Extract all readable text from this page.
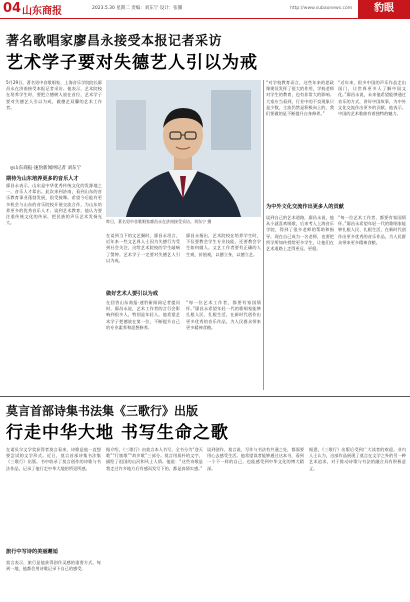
04 山东商报	2023.5.30 星期二 责编：刘东宁 设计：张馨	http://www.subaonews.com	豹眼
著名歌唱家廖昌永接受本报记者采访
艺术学子要对失德艺人引以为戒
5月29日，著名男中音歌唱家、上海音乐学院院长廖昌永在济南接受本报记者采访。他表示，艺术院校在培养学生时，要把立德树人放在首位，艺术学子要对失德艺人引以为戒，做德艺双馨的艺术工作者。
◎山东商报·速豹新闻网记者 刘东宁
期待为山东培养更多的音乐人才
廖昌永表示，山东是中华优秀传统文化的发源地之一，音乐人才辈出。此次来到济南，看到山东的音乐教育事业蓬勃发展，很受鼓舞。希望今后能有更多机会与山东的音乐院校开展交流合作，为山东培养更多的优秀音乐人才。谈到艺术教育，他认为要注重传统文化的传承，把民族的声乐艺术发扬光大。	昨日，著名男中音歌唱家廖昌永在济南接受采访。刘东宁 摄
在谈到当下的文艺圈时，廖昌永坦言，近年来一些文艺界人士因为失德行为受到社会关注，这给艺术院校的学生敲响了警钟。艺术学子一定要对失德艺人引以为戒。
廖昌永指出，艺术院校在培养学生时，不仅要教会学生专业技能，还要教会学生如何做人。文艺工作者要有正确的人生观、价值观，以德立身，以德立艺。
做好艺术人要引以为戒
在回答山东商报·速豹新闻网记者提问时，廖昌永说，艺术工作者的言行会影响到很多人，特别是年轻人。他希望艺术学子把德放在第一位，不断提升自己的专业素养和思想修养。
“每一位艺术工作者，都要有家国情怀。”廖昌永希望年轻一代的歌唱家能够扎根人民、扎根生活，在新时代创作出更多优秀的音乐作品，为人民群众带来更多精神食粮。
“对学校教育而言，这些年来的思政课建设发挥了很大的作用，学校老师对学生的教育，也有非常大的影响。大家应当看到，行业中的不良现象只是少数，主流仍然是积极向上的，我们要做的是不断提升自身修养。”
“近年来，很多中国的声乐作品走出国门，让世界更多人了解中国文化。”廖昌永说，未来他希望能够通过音乐的方式，讲好中国故事，为中外文化交流作出更多的贡献。他表示，中国的艺术歌曲有着独特的魅力。
为中外文化交流作出更多人的贡献
谈到自己的艺术道路，廖昌永说，他从小就喜欢唱歌，后来考入上海音乐学院，得到了很多老师的帮助和指导。现在自己成为一名老师，也要把所学所知传授给更多学生，让他们在艺术道路上走得更远、更稳。
“每一位艺术工作者，都要有家国情怀。”廖昌永希望年轻一代的歌唱家能够扎根人民、扎根生活，在新时代创作出更多优秀的音乐作品，为人民群众带来更多精神食粮。
莫言首部诗集书法集《三歌行》出版
行走中华大地 书写生命之歌
在诺贝尔文学奖获得者莫言看来，诗歌是他一直想要尝试的文学形式。近日，莫言首部诗集书法集《三歌行》出版。书中收录了莫言创作的诗歌与书法作品，记录了他行走中华大地的所见所感。
旅行中写诗的美丽邂逅
莫言表示，旅行是他获得创作灵感的重要方式。每到一地，他都会用诗歌记录下自己的感受。
据介绍，《三歌行》由莫言本人书写，全书分为“登天歌”“行旅歌”“故乡歌”三部分。莫言用质朴的文字，描绘了祖国的山河和风土人情。他说：“这些诗歌是我走过许多地方后有感而发写下的，都是真情实感。”
谈到创作，莫言说，写作与书法有共通之处，都需要用心去感受生活。他希望读者能够通过这本书，看到一个不一样的自己，也能感受到中华文化的博大精深。
据悉，《三歌行》出版后受到广大读者的欢迎。业内人士认为，这部作品展现了莫言在文学之外的另一种艺术追求，对于推动诗歌与书法的融合具有积极意义。
